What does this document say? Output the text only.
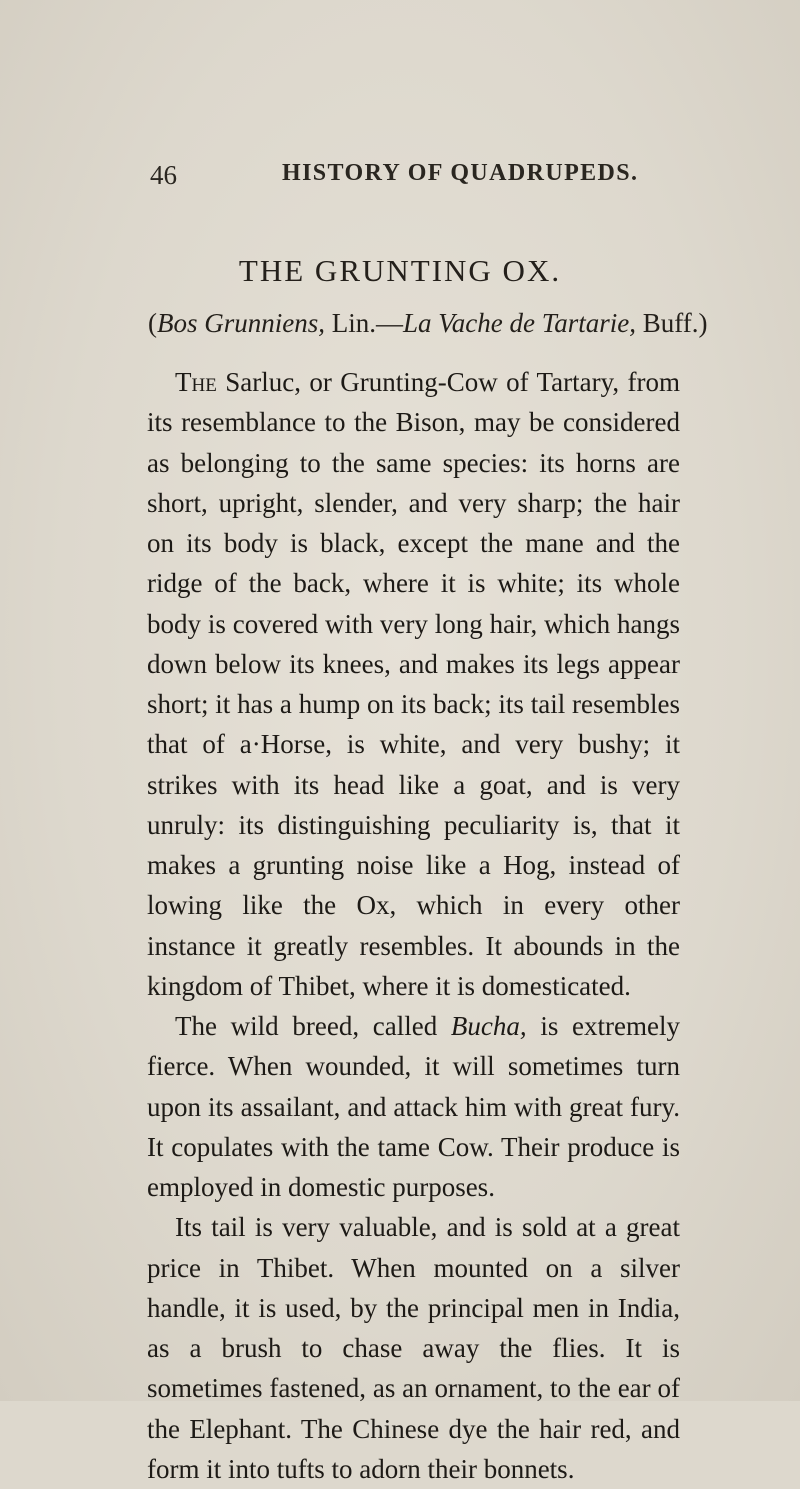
46	HISTORY OF QUADRUPEDS.
THE GRUNTING OX.
(Bos Grunniens, Lin.—La Vache de Tartarie, Buff.)

The Sarluc, or Grunting-Cow of Tartary, from its resemblance to the Bison, may be considered as belonging to the same species: its horns are short, upright, slender, and very sharp; the hair on its body is black, except the mane and the ridge of the back, where it is white; its whole body is covered with very long hair, which hangs down below its knees, and makes its legs appear short; it has a hump on its back; its tail resembles that of a·Horse, is white, and very bushy; it strikes with its head like a goat, and is very unruly: its distinguishing peculiarity is, that it makes a grunting noise like a Hog, instead of lowing like the Ox, which in every other instance it greatly resembles. It abounds in the kingdom of Thibet, where it is domesticated.

The wild breed, called Bucha, is extremely fierce. When wounded, it will sometimes turn upon its assailant, and attack him with great fury. It copulates with the tame Cow. Their produce is employed in domestic purposes.

Its tail is very valuable, and is sold at a great price in Thibet. When mounted on a silver handle, it is used, by the principal men in India, as a brush to chase away the flies. It is sometimes fastened, as an ornament, to the ear of the Elephant. The Chinese dye the hair red, and form it into tufts to adorn their bonnets.
